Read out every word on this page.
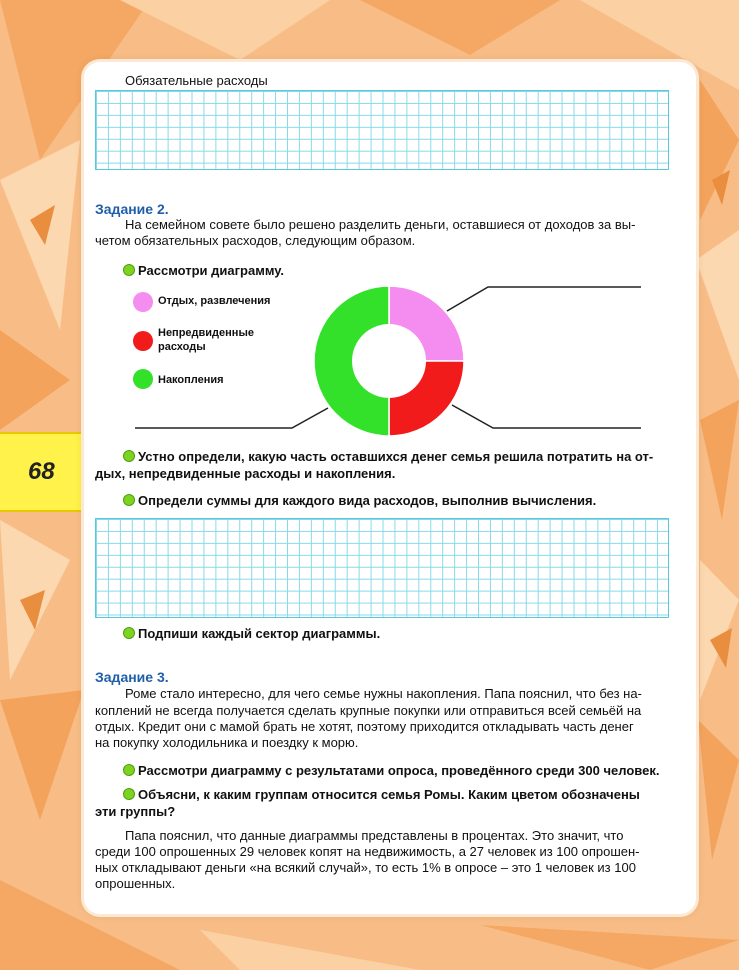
68
Обязательные расходы
Задание 2.
На семейном совете было решено разделить деньги, оставшиеся от доходов за вы-
четом обязательных расходов, следующим образом.
Рассмотри диаграмму.
Отдых, развлечения
Непредвиденные
расходы
Накопления
Устно определи, какую часть оставшихся денег семья решила потратить на от-
дых, непредвиденные расходы и накопления.
Определи суммы для каждого вида расходов, выполнив вычисления.
Подпиши каждый сектор диаграммы.
Задание 3.
Роме стало интересно, для чего семье нужны накопления. Папа пояснил, что без на-
коплений не всегда получается сделать крупные покупки или отправиться всей семьёй на
отдых. Кредит они с мамой брать не хотят, поэтому приходится откладывать часть денег
на покупку холодильника и поездку к морю.
Рассмотри диаграмму с результатами опроса, проведённого среди 300 человек.
Объясни, к каким группам относится семья Ромы. Каким цветом обозначены
эти группы?
Папа пояснил, что данные диаграммы представлены в процентах. Это значит, что
среди 100 опрошенных 29 человек копят на недвижимость, а 27 человек из 100 опрошен-
ных откладывают деньги «на всякий случай», то есть 1% в опросе – это 1 человек из 100
опрошенных.
